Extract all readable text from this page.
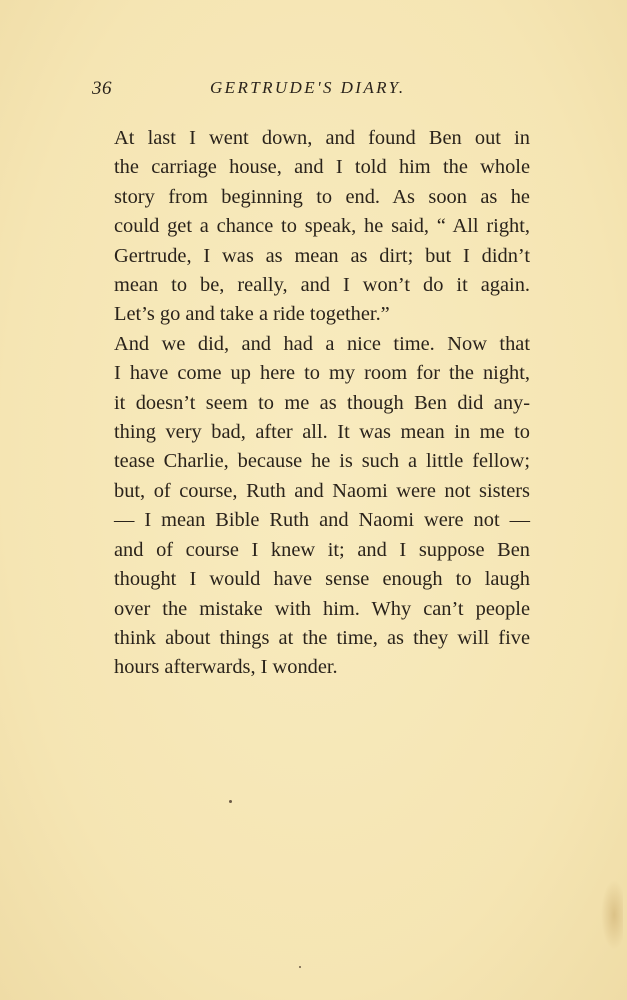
36	GERTRUDE'S DIARY.

At last I went down, and found Ben out in
the carriage house, and I told him the whole
story from beginning to end. As soon as he
could get a chance to speak, he said, “ All right,
Gertrude, I was as mean as dirt; but I didn’t
mean to be, really, and I won’t do it again.
Let’s go and take a ride together.”

And we did, and had a nice time. Now that
I have come up here to my room for the night,
it doesn’t seem to me as though Ben did any-
thing very bad, after all. It was mean in me to
tease Charlie, because he is such a little fellow;
but, of course, Ruth and Naomi were not sisters
— I mean Bible Ruth and Naomi were not —
and of course I knew it; and I suppose Ben
thought I would have sense enough to laugh
over the mistake with him. Why can’t people
think about things at the time, as they will five
hours afterwards, I wonder.
